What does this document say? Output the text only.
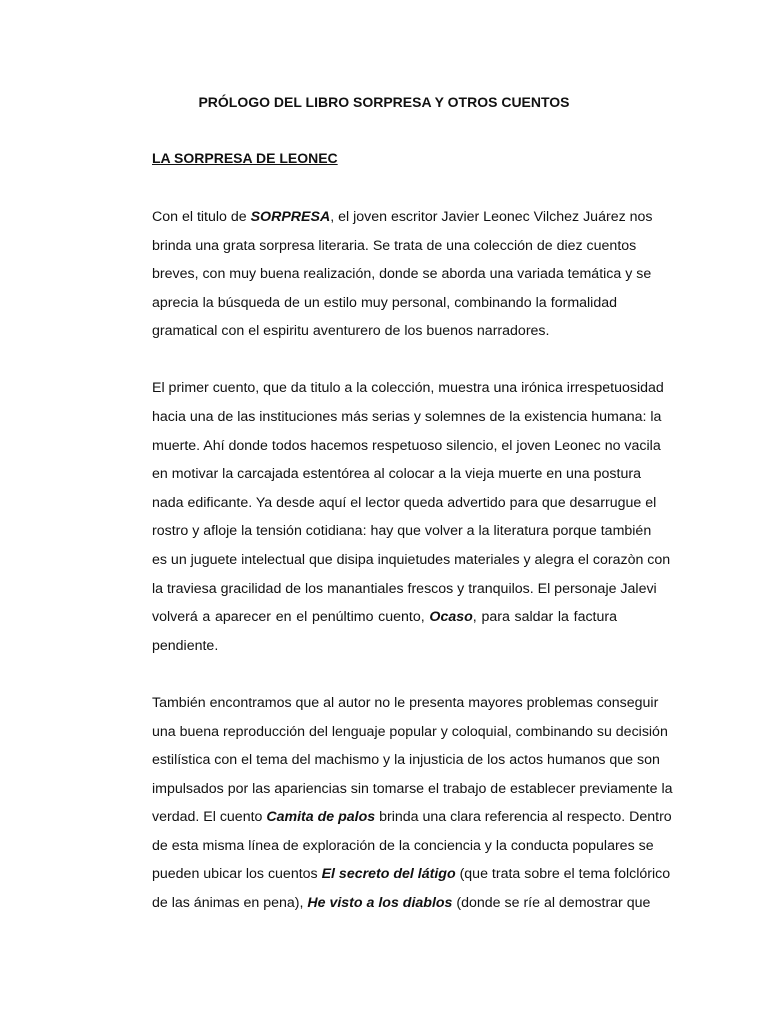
PRÓLOGO DEL LIBRO SORPRESA Y OTROS CUENTOS
LA SORPRESA DE LEONEC

Con el titulo de SORPRESA, el joven escritor Javier Leonec Vilchez Juárez nos
brinda una grata sorpresa literaria. Se trata de una colección de diez cuentos
breves, con muy buena realización, donde se aborda una variada temática y se
aprecia la búsqueda de un estilo muy personal, combinando la formalidad
gramatical con el espiritu aventurero de los buenos narradores.

El primer cuento, que da titulo a la colección, muestra una irónica irrespetuosidad
hacia una de las instituciones más serias y solemnes de la existencia humana: la
muerte. Ahí donde todos hacemos respetuoso silencio, el joven Leonec no vacila
en motivar la carcajada estentórea al colocar a la vieja muerte en una postura
nada edificante. Ya desde aquí el lector queda advertido para que desarrugue el
rostro y afloje la tensión cotidiana: hay que volver a la literatura porque también
es un juguete intelectual que disipa inquietudes materiales y alegra el corazòn con
la traviesa gracilidad de los manantiales frescos y tranquilos. El personaje Jalevi
volverá a aparecer en el penúltimo cuento, Ocaso, para saldar la factura
pendiente.

También encontramos que al autor no le presenta mayores problemas conseguir
una buena reproducción del lenguaje popular y coloquial, combinando su decisión
estilística con el tema del machismo y la injusticia de los actos humanos que son
impulsados por las apariencias sin tomarse el trabajo de establecer previamente la
verdad. El cuento Camita de palos brinda una clara referencia al respecto. Dentro
de esta misma línea de exploración de la conciencia y la conducta populares se
pueden ubicar los cuentos El secreto del látigo (que trata sobre el tema folclórico
de las ánimas en pena), He visto a los diablos (donde se ríe al demostrar que
